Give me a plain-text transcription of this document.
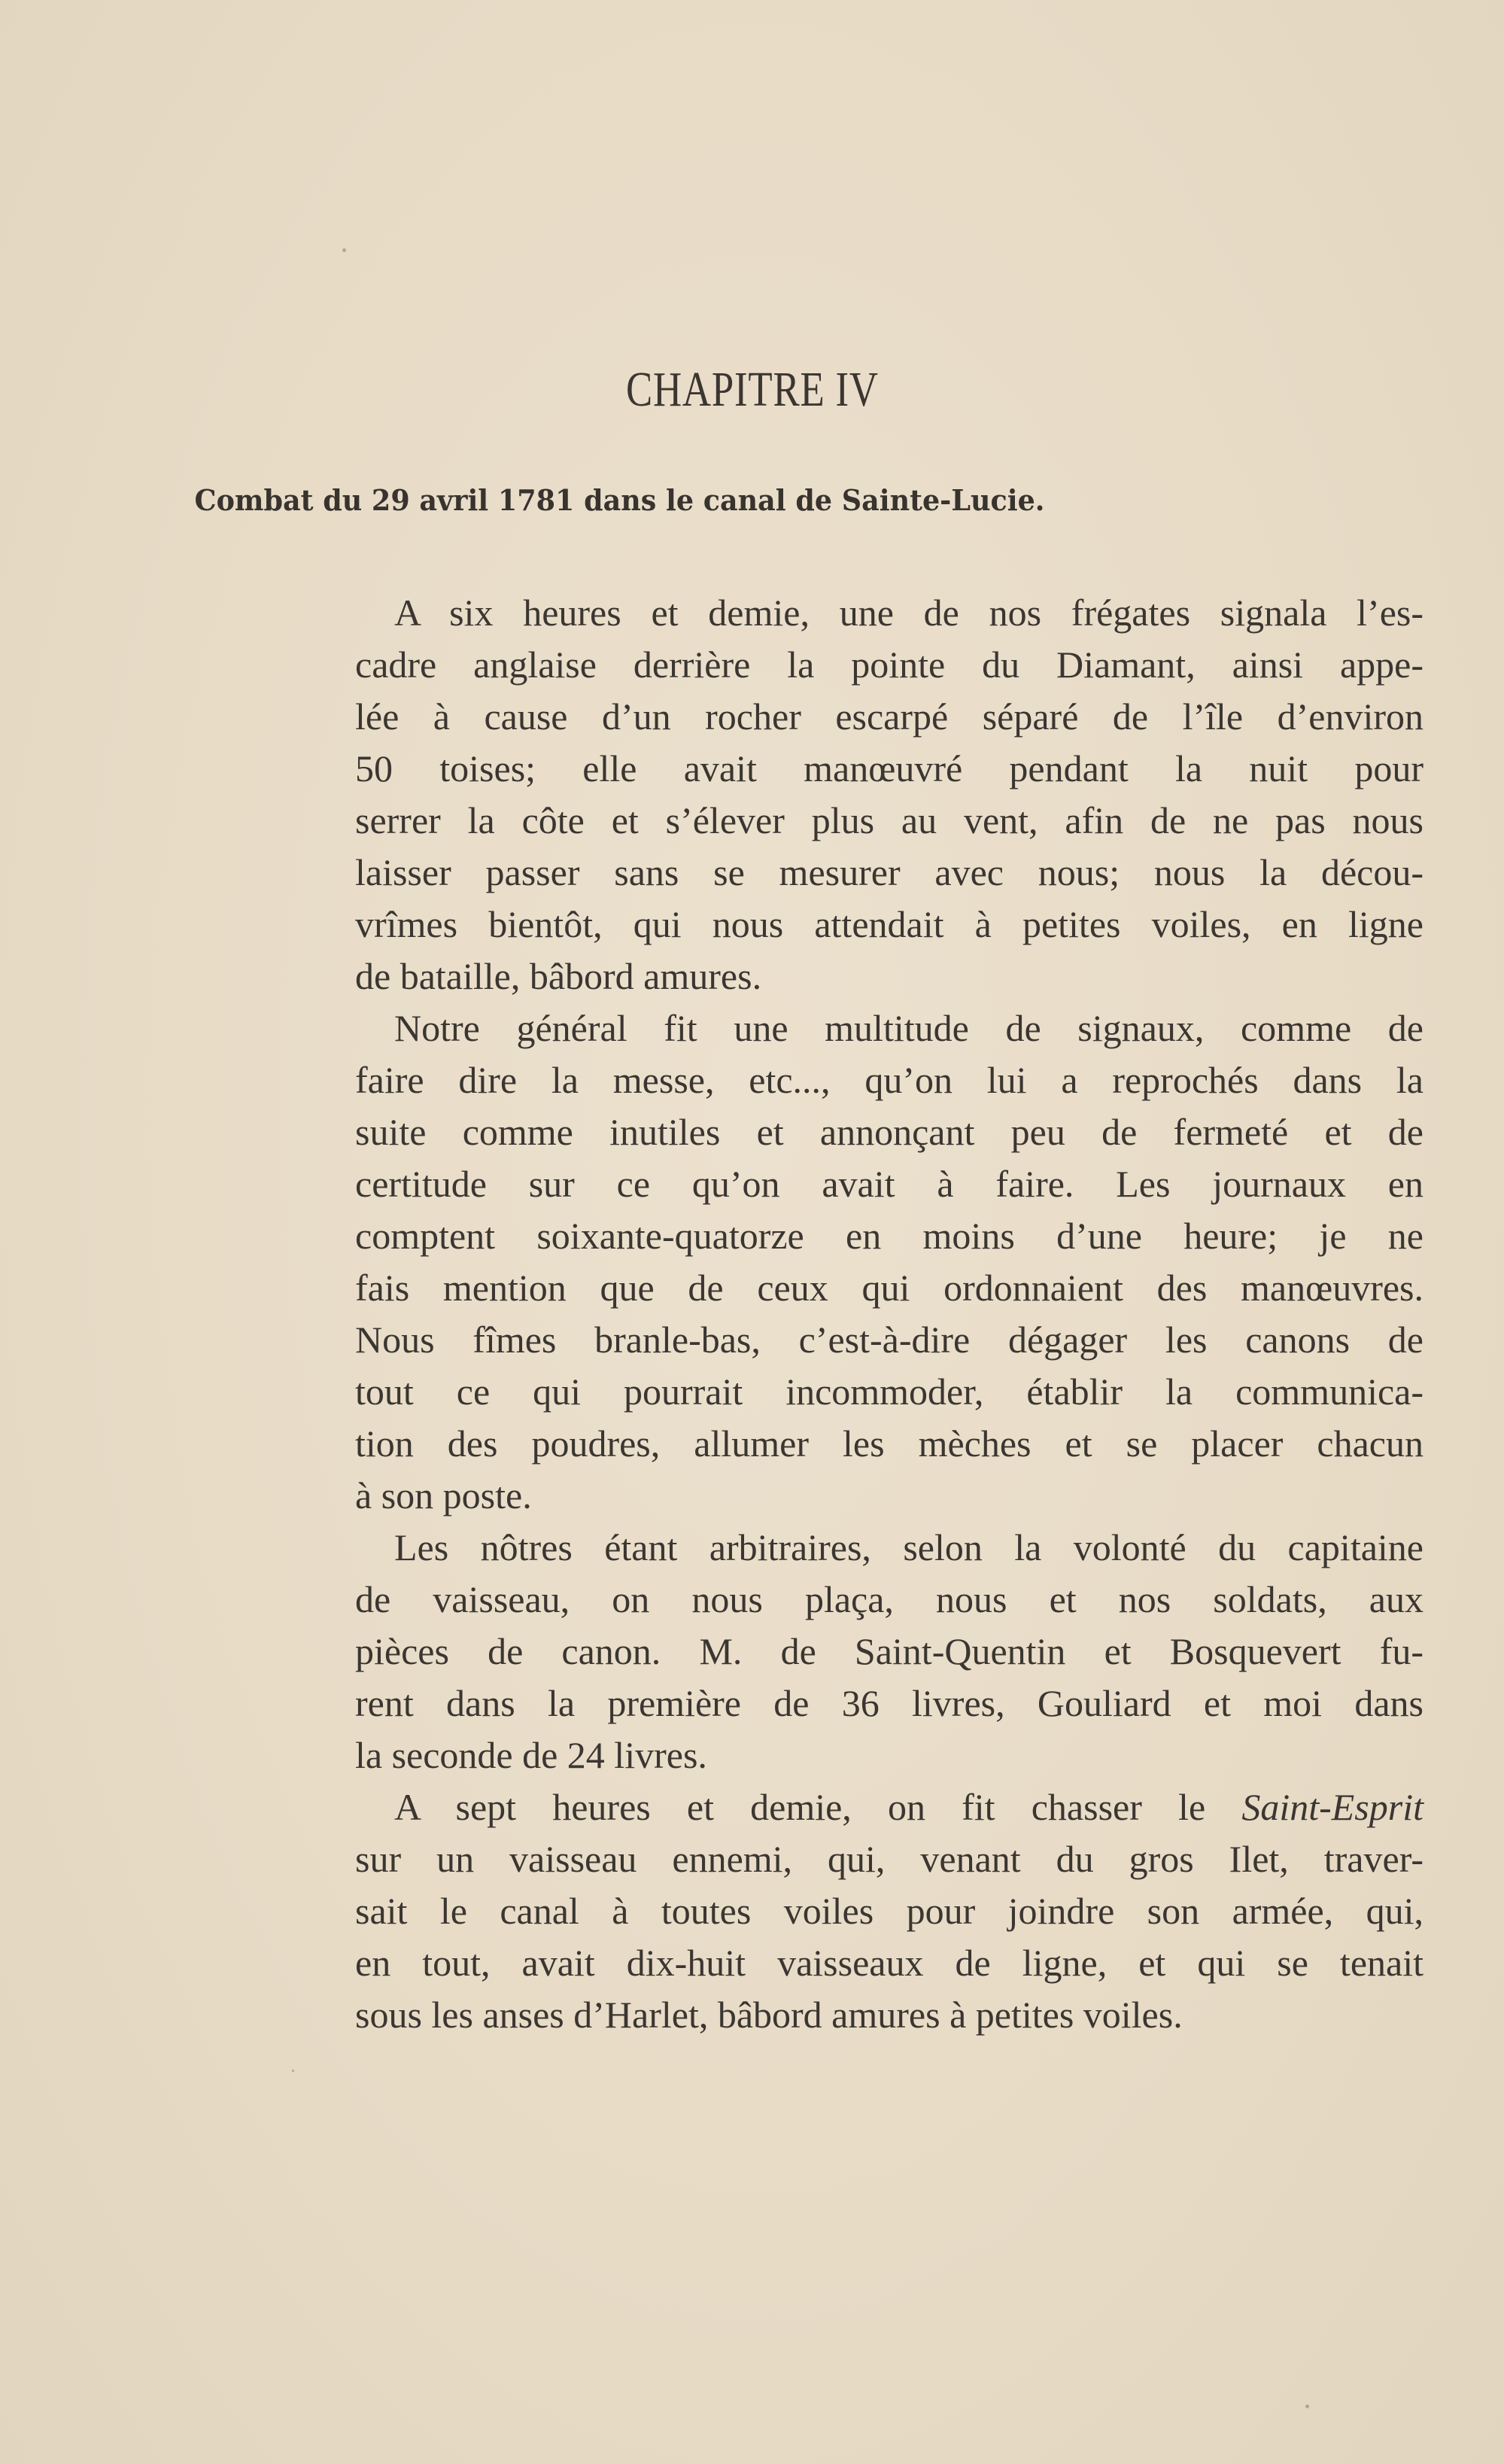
CHAPITRE IV
Combat du 29 avril 1781 dans le canal de Sainte-Lucie.
A six heures et demie, une de nos frégates signala l’es-
cadre anglaise derrière la pointe du Diamant, ainsi appe-
lée à cause d’un rocher escarpé séparé de l’île d’environ
50 toises; elle avait manœuvré pendant la nuit pour
serrer la côte et s’élever plus au vent, afin de ne pas nous
laisser passer sans se mesurer avec nous; nous la décou-
vrîmes bientôt, qui nous attendait à petites voiles, en ligne
de bataille, bâbord amures.
Notre général fit une multitude de signaux, comme de
faire dire la messe, etc..., qu’on lui a reprochés dans la
suite comme inutiles et annonçant peu de fermeté et de
certitude sur ce qu’on avait à faire. Les journaux en
comptent soixante-quatorze en moins d’une heure; je ne
fais mention que de ceux qui ordonnaient des manœuvres.
Nous fîmes branle-bas, c’est-à-dire dégager les canons de
tout ce qui pourrait incommoder, établir la communica-
tion des poudres, allumer les mèches et se placer chacun
à son poste.
Les nôtres étant arbitraires, selon la volonté du capitaine
de vaisseau, on nous plaça, nous et nos soldats, aux
pièces de canon. M. de Saint-Quentin et Bosquevert fu-
rent dans la première de 36 livres, Gouliard et moi dans
la seconde de 24 livres.
A sept heures et demie, on fit chasser le Saint-Esprit
sur un vaisseau ennemi, qui, venant du gros Ilet, traver-
sait le canal à toutes voiles pour joindre son armée, qui,
en tout, avait dix-huit vaisseaux de ligne, et qui se tenait
sous les anses d’Harlet, bâbord amures à petites voiles.
